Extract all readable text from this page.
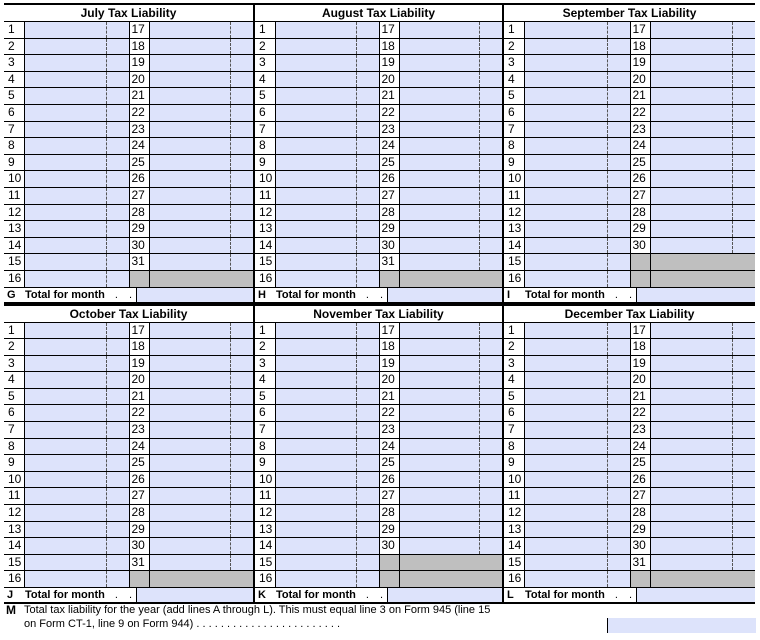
July Tax Liability
1	17
2	18
3	19
4	20
5	21
6	22
7	23
8	24
9	25
10	26
11	27
12	28
13	29
14	30
15	31
16
G Total for month . .
August Tax Liability
1	17
2	18
3	19
4	20
5	21
6	22
7	23
8	24
9	25
10	26
11	27
12	28
13	29
14	30
15	31
16
H Total for month . .
September Tax Liability
1	17
2	18
3	19
4	20
5	21
6	22
7	23
8	24
9	25
10	26
11	27
12	28
13	29
14	30
15
16
I	Total for month . .
October Tax Liability
1	17
2	18
3	19
4	20
5	21
6	22
7	23
8	24
9	25
10	26
11	27
12	28
13	29
14	30
15	31
16
J	Total for month . .
November Tax Liability
1	17
2	18
3	19
4	20
5	21
6	22
7	23
8	24
9	25
10	26
11	27
12	28
13	29
14	30
15
16
K Total for month . .
December Tax Liability
1	17
2	18
3	19
4	20
5	21
6	22
7	23
8	24
9	25
10	26
11	27
12	28
13	29
14	30
15	31
16
L	Total for month . .
M Total tax liability for the year (add lines A through L). This must equal line 3 on Form 945 (line 15
on Form CT-1, line 9 on Form 944) . . . . . . . . . . . . . . . . . . . . . . . .
